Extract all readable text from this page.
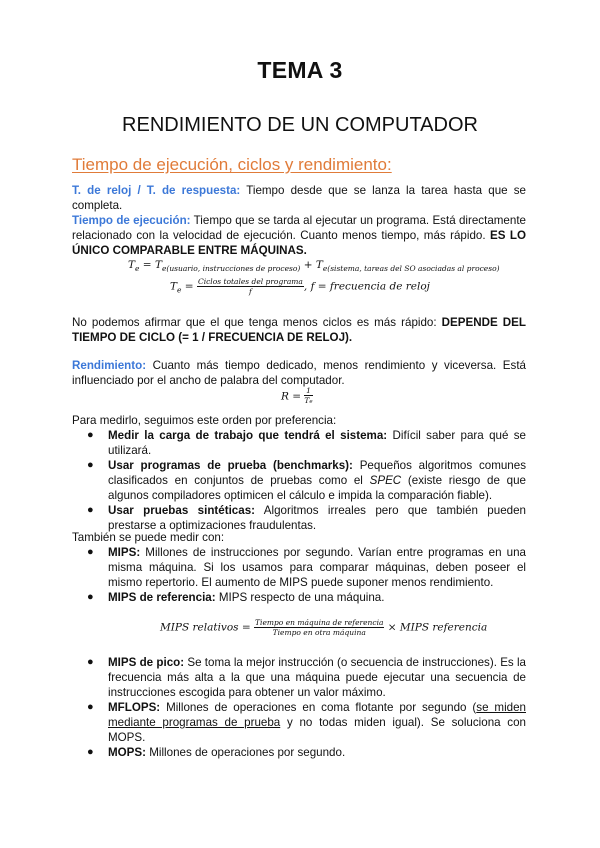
TEMA 3
RENDIMIENTO DE UN COMPUTADOR
Tiempo de ejecución, ciclos y rendimiento:
T. de reloj / T. de respuesta: Tiempo desde que se lanza la tarea hasta que se completa.
Tiempo de ejecución: Tiempo que se tarda al ejecutar un programa. Está directamente relacionado con la velocidad de ejecución. Cuanto menos tiempo, más rápido. ES LO ÚNICO COMPARABLE ENTRE MÁQUINAS.
$T_e = T_{e(usuario, instrucciones de proceso)} + T_{e(sistema, tareas del SO asociadas al proceso)}$
$T_e = \frac{\text{Ciclos totales del programa}}{f}$ , f = frecuencia de reloj
No podemos afirmar que el que tenga menos ciclos es más rápido: DEPENDE DEL TIEMPO DE CICLO (= 1 / FRECUENCIA DE RELOJ).
Rendimiento: Cuanto más tiempo dedicado, menos rendimiento y viceversa. Está influenciado por el ancho de palabra del computador.
$R = \frac{1}{Te}$
Para medirlo, seguimos este orden por preferencia:
● Medir la carga de trabajo que tendrá el sistema: Difícil saber para qué se utilizará.
● Usar programas de prueba (benchmarks): Pequeños algoritmos comunes clasificados en conjuntos de pruebas como el SPEC (existe riesgo de que algunos compiladores optimicen el cálculo e impida la comparación fiable).
● Usar pruebas sintéticas: Algoritmos irreales pero que también pueden prestarse a optimizaciones fraudulentas.
También se puede medir con:
● MIPS: Millones de instrucciones por segundo. Varían entre programas en una misma máquina. Si los usamos para comparar máquinas, deben poseer el mismo repertorio. El aumento de MIPS puede suponer menos rendimiento.
● MIPS de referencia: MIPS respecto de una máquina.
MIPS relativos = $\frac{\text{Tiempo en máquina de referencia}}{\text{Tiempo en otra máquina}}$ × MIPS referencia
● MIPS de pico: Se toma la mejor instrucción (o secuencia de instrucciones). Es la frecuencia más alta a la que una máquina puede ejecutar una secuencia de instrucciones escogida para obtener un valor máximo.
● MFLOPS: Millones de operaciones en coma flotante por segundo (se miden mediante programas de prueba y no todas miden igual). Se soluciona con MOPS.
● MOPS: Millones de operaciones por segundo.
